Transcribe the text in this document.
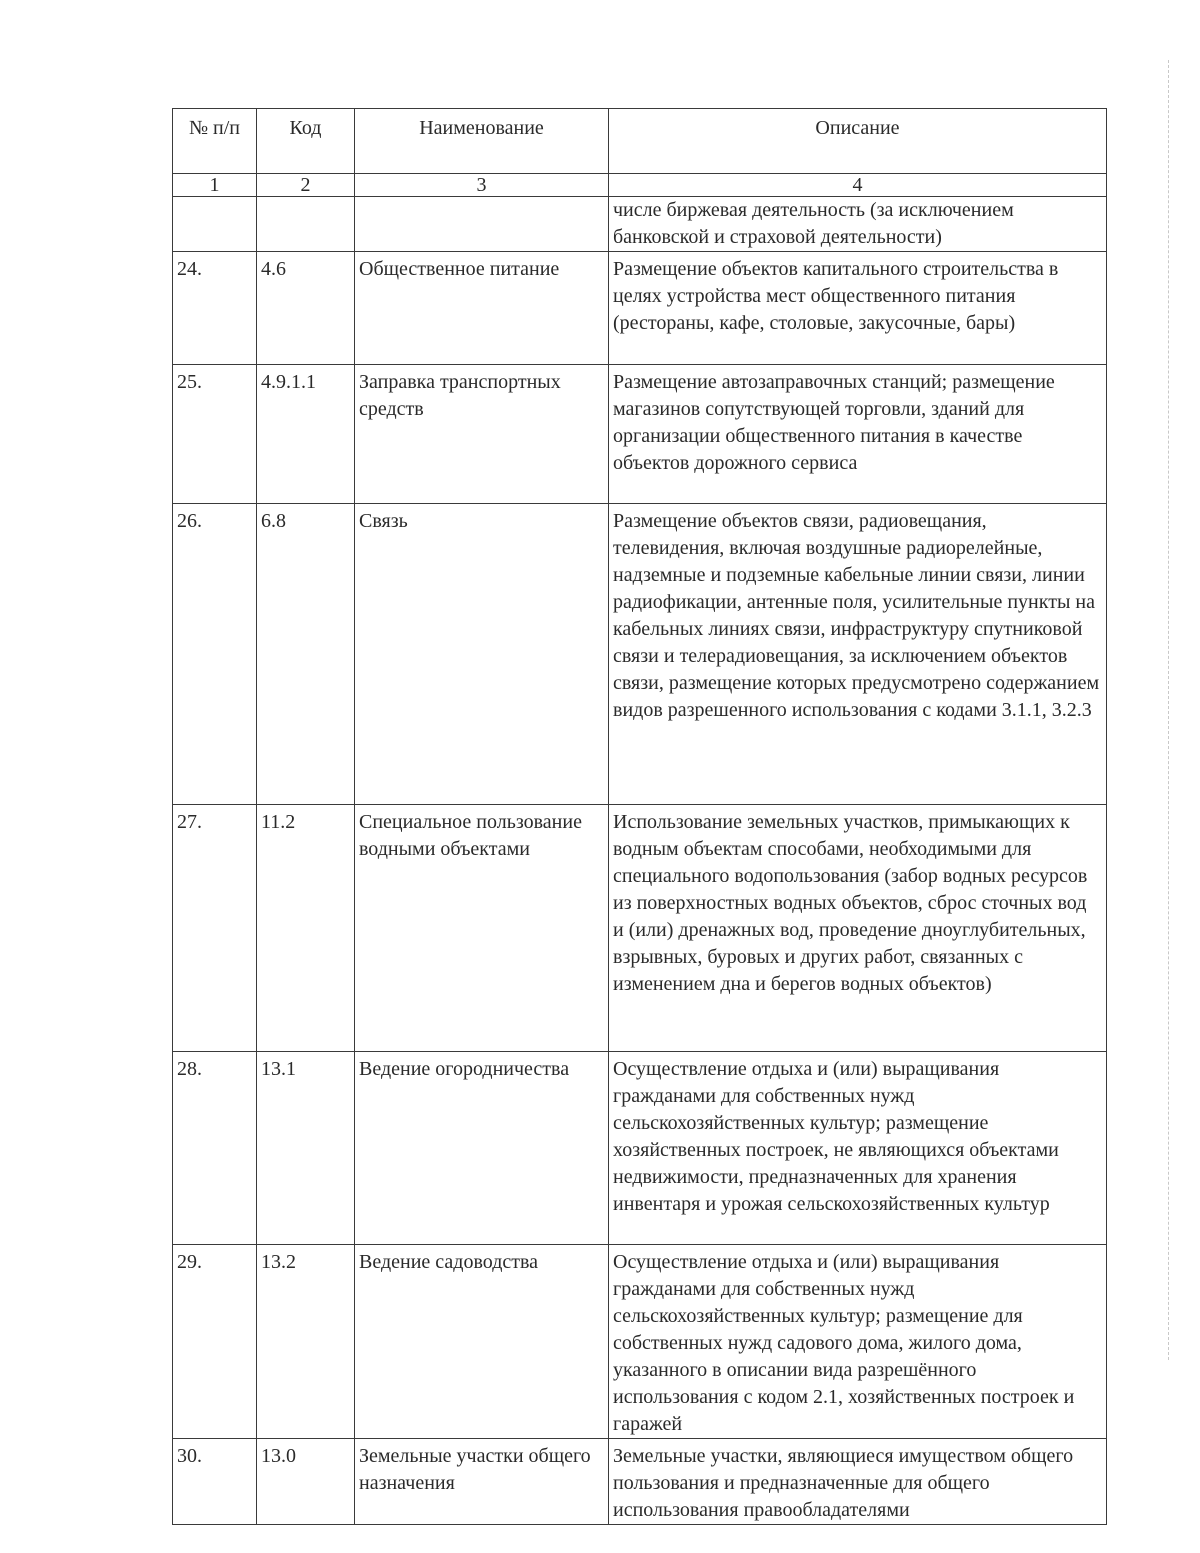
№ п/п	Код	Наименование	Описание
1	2	3	4
			числе биржевая деятельность (за исключением банковской и страховой деятельности)
24.	4.6	Общественное питание	Размещение объектов капитального строительства в целях устройства мест общественного питания (рестораны, кафе, столовые, закусочные, бары)
25.	4.9.1.1	Заправка транспортных средств	Размещение автозаправочных станций; размещение магазинов сопутствующей торговли, зданий для организации общественного питания в качестве объектов дорожного сервиса
26.	6.8	Связь	Размещение объектов связи, радиовещания, телевидения, включая воздушные радиорелейные, надземные и подземные кабельные линии связи, линии радиофикации, антенные поля, усилительные пункты на кабельных линиях связи, инфраструктуру спутниковой связи и телерадиовещания, за исключением объектов связи, размещение которых предусмотрено содержанием видов разрешенного использования с кодами 3.1.1, 3.2.3
27.	11.2	Специальное пользование водными объектами	Использование земельных участков, примыкающих к водным объектам способами, необходимыми для специального водопользования (забор водных ресурсов из поверхностных водных объектов, сброс сточных вод и (или) дренажных вод, проведение дноуглубительных, взрывных, буровых и других работ, связанных с изменением дна и берегов водных объектов)
28.	13.1	Ведение огородничества	Осуществление отдыха и (или) выращивания гражданами для собственных нужд сельскохозяйственных культур; размещение хозяйственных построек, не являющихся объектами недвижимости, предназначенных для хранения инвентаря и урожая сельскохозяйственных культур
29.	13.2	Ведение садоводства	Осуществление отдыха и (или) выращивания гражданами для собственных нужд сельскохозяйственных культур; размещение для собственных нужд садового дома, жилого дома, указанного в описании вида разрешённого использования с кодом 2.1, хозяйственных построек и гаражей
30.	13.0	Земельные участки общего назначения	Земельные участки, являющиеся имуществом общего пользования и предназначенные для общего использования правообладателями
